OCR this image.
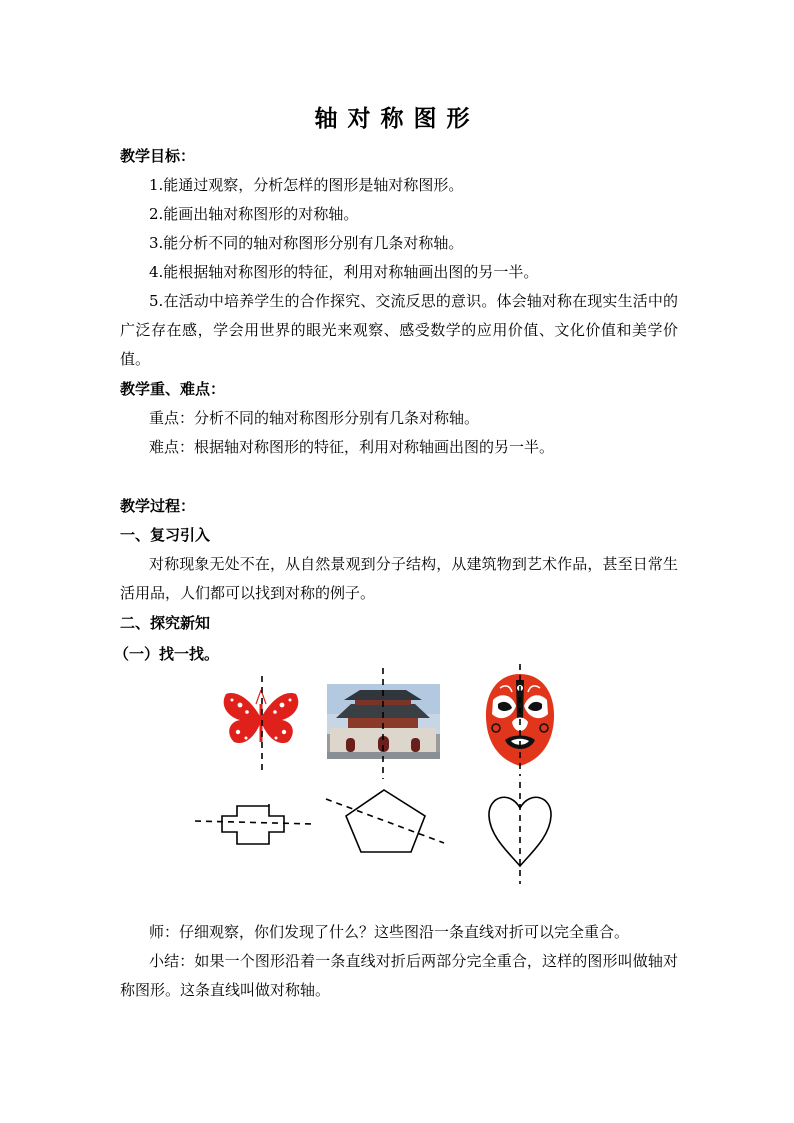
轴对称图形
教学目标：
1.能通过观察，分析怎样的图形是轴对称图形。
2.能画出轴对称图形的对称轴。
3.能分析不同的轴对称图形分别有几条对称轴。
4.能根据轴对称图形的特征，利用对称轴画出图的另一半。

5.在活动中培养学生的合作探究、交流反思的意识。体会轴对称在现实生活中的广泛存在感，学会用世界的眼光来观察、感受数学的应用价值、文化价值和美学价值。

教学重、难点：
重点：分析不同的轴对称图形分别有几条对称轴。
难点：根据轴对称图形的特征，利用对称轴画出图的另一半。
教学过程：
一、复习引入

对称现象无处不在，从自然景观到分子结构，从建筑物到艺术作品，甚至日常生活用品，人们都可以找到对称的例子。

二、探究新知
（一）找一找。
师：仔细观察，你们发现了什么？这些图沿一条直线对折可以完全重合。

小结：如果一个图形沿着一条直线对折后两部分完全重合，这样的图形叫做轴对称图形。这条直线叫做对称轴。
